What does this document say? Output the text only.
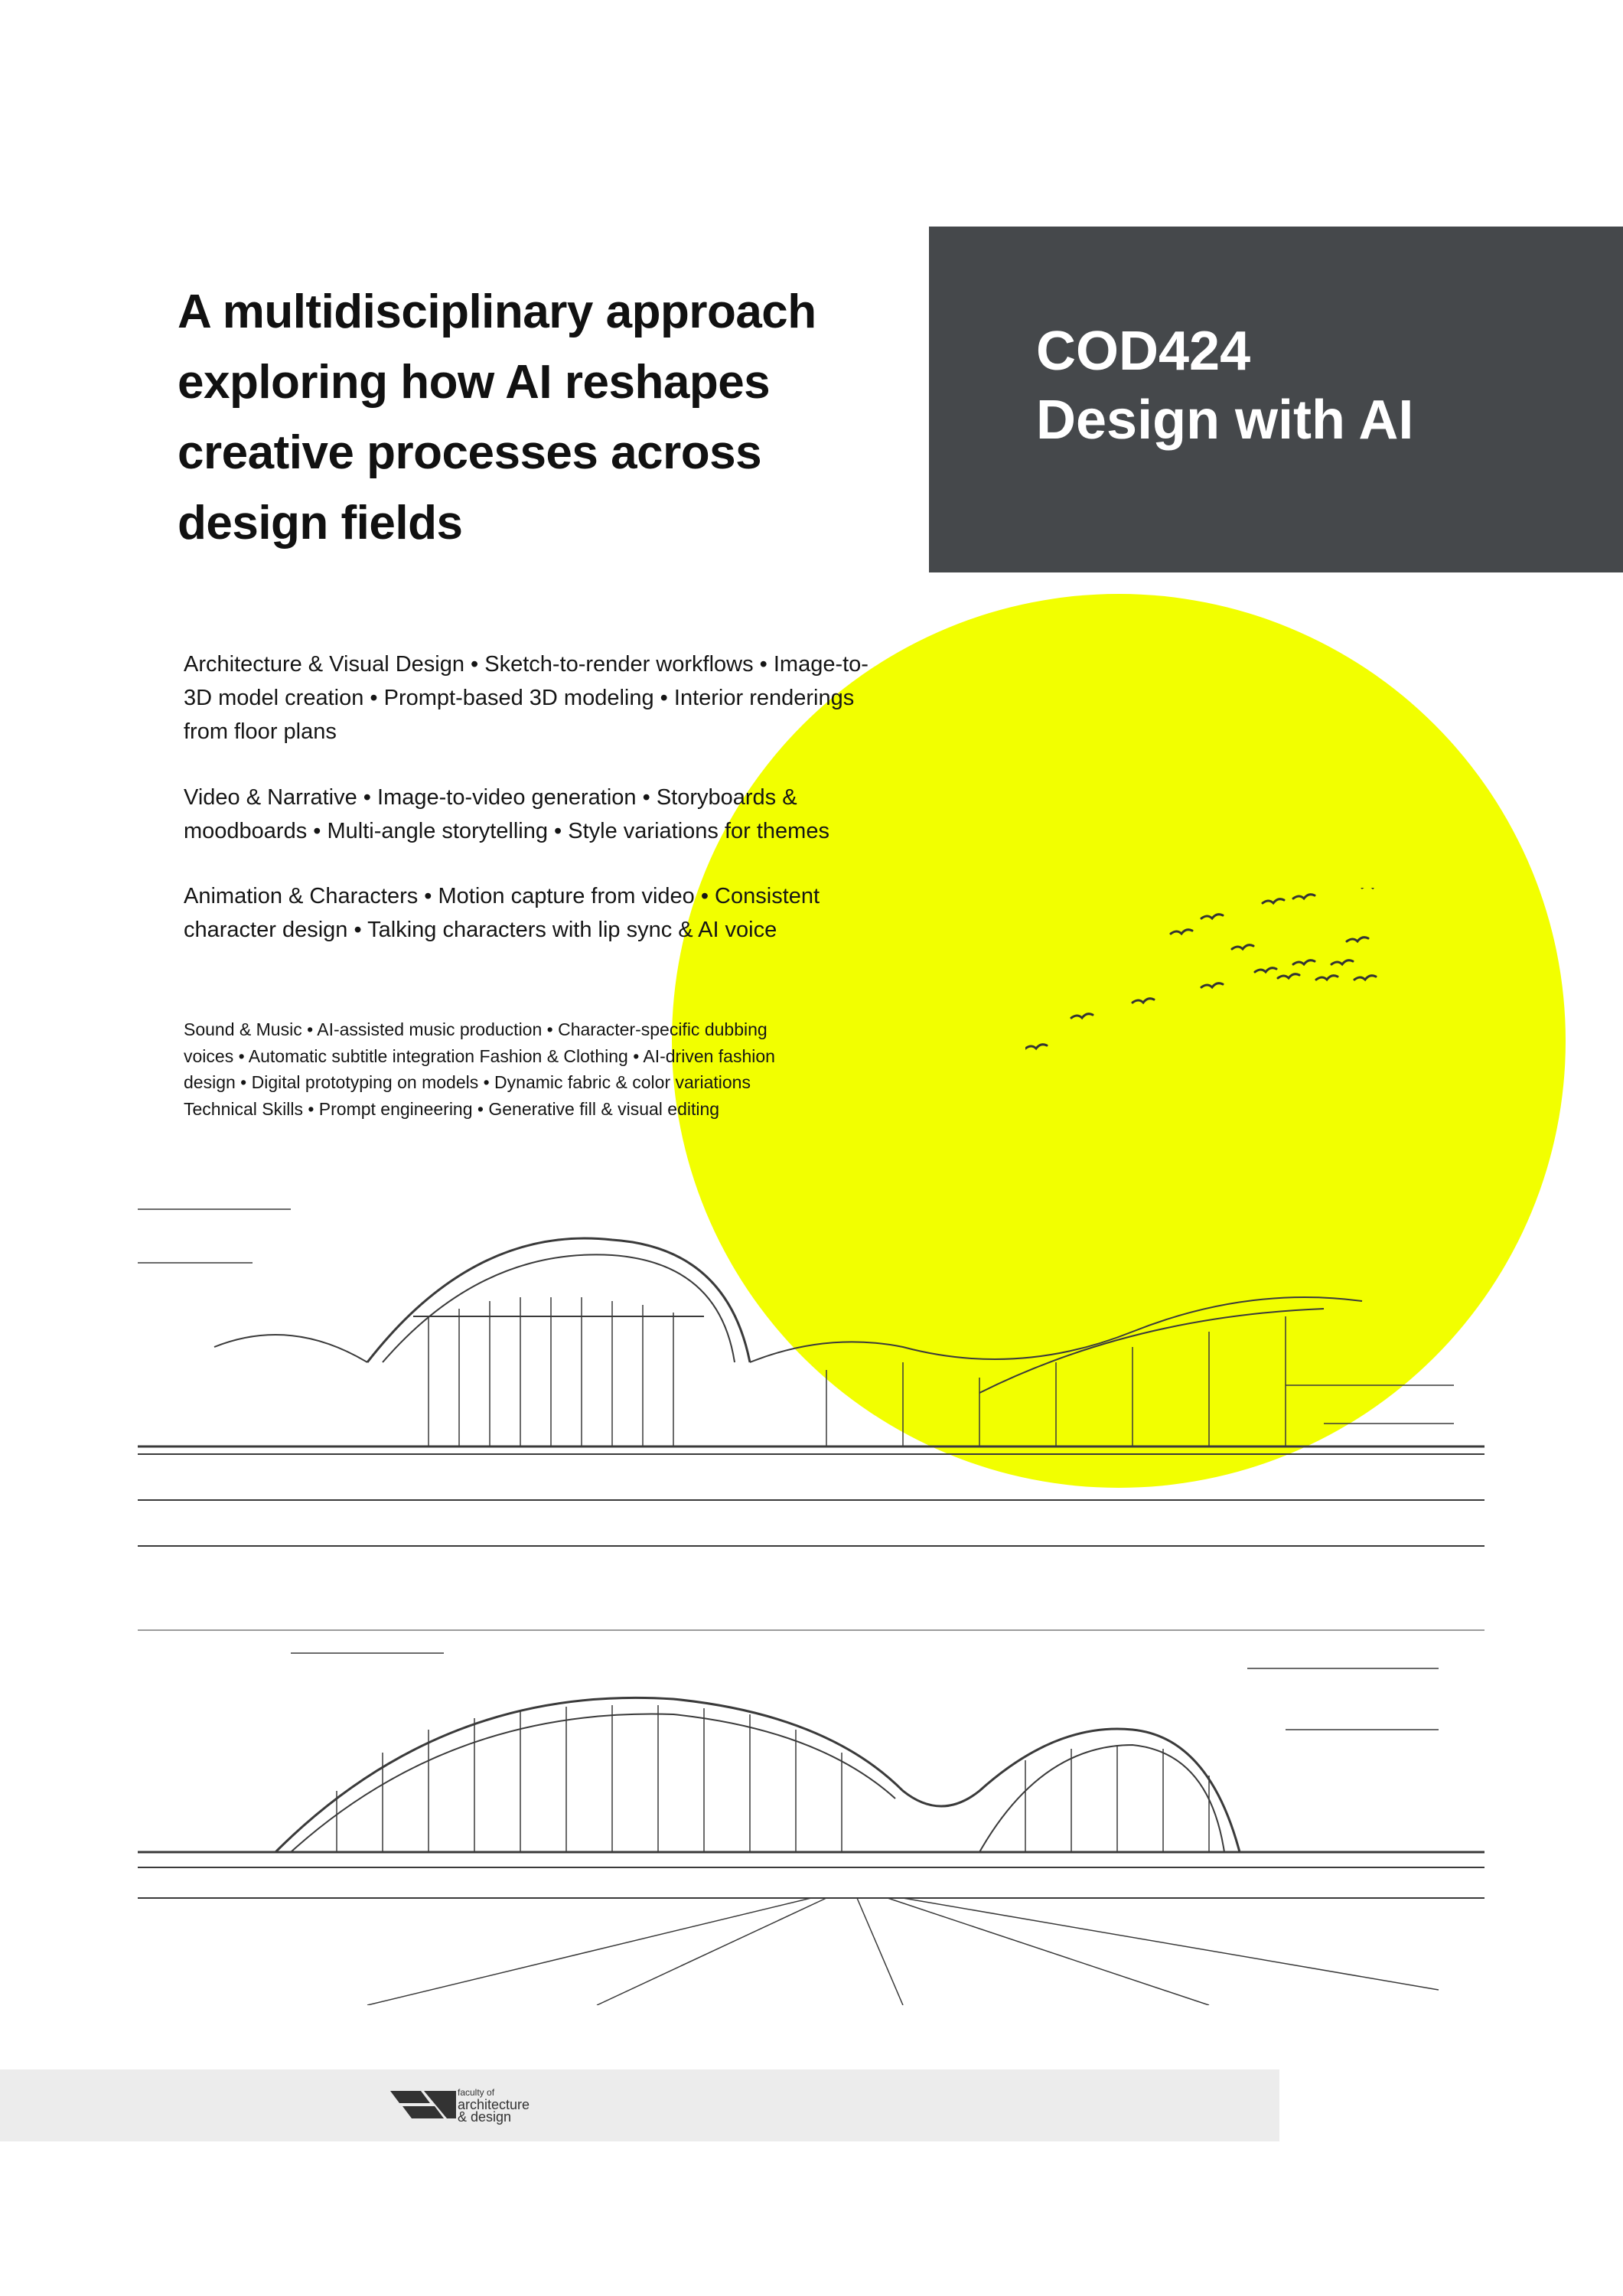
A multidisciplinary approach
exploring how AI reshapes
creative processes across
design fields
COD424
Design with AI
Architecture & Visual Design • Sketch-to-render workflows • Image-to-
3D model creation • Prompt-based 3D modeling • Interior renderings
from floor plans
Video & Narrative • Image-to-video generation • Storyboards &
moodboards • Multi-angle storytelling • Style variations for themes
Animation & Characters • Motion capture from video • Consistent
character design • Talking characters with lip sync & AI voice
Sound & Music • AI-assisted music production • Character-specific dubbing
voices • Automatic subtitle integration Fashion & Clothing • AI-driven fashion
design • Digital prototyping on models • Dynamic fabric & color variations
Technical Skills • Prompt engineering • Generative fill & visual editing
faculty of
architecture
& design
